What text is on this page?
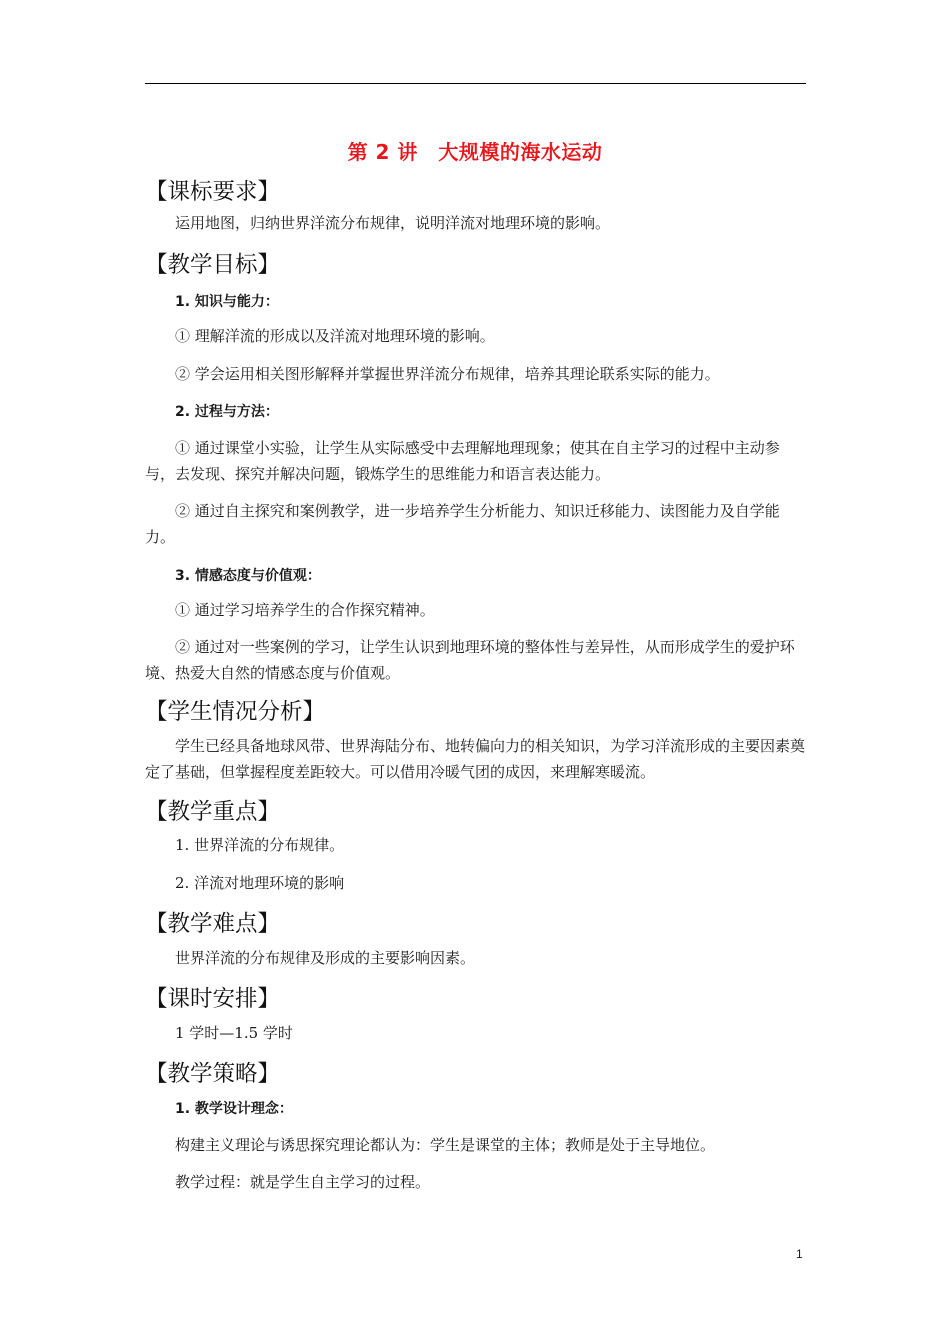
第 2 讲　大规模的海水运动
【课标要求】
运用地图，归纳世界洋流分布规律，说明洋流对地理环境的影响。
【教学目标】
1. 知识与能力：
① 理解洋流的形成以及洋流对地理环境的影响。
② 学会运用相关图形解释并掌握世界洋流分布规律，培养其理论联系实际的能力。
2. 过程与方法：
① 通过课堂小实验，让学生从实际感受中去理解地理现象；使其在自主学习的过程中主动参与，去发现、探究并解决问题，锻炼学生的思维能力和语言表达能力。
② 通过自主探究和案例教学，进一步培养学生分析能力、知识迁移能力、读图能力及自学能力。
3. 情感态度与价值观：
① 通过学习培养学生的合作探究精神。
② 通过对一些案例的学习，让学生认识到地理环境的整体性与差异性，从而形成学生的爱护环境、热爱大自然的情感态度与价值观。
【学生情况分析】
学生已经具备地球风带、世界海陆分布、地转偏向力的相关知识，为学习洋流形成的主要因素奠定了基础，但掌握程度差距较大。可以借用冷暖气团的成因，来理解寒暖流。
【教学重点】
1. 世界洋流的分布规律。
2. 洋流对地理环境的影响
【教学难点】
世界洋流的分布规律及形成的主要影响因素。
【课时安排】
1 学时—1.5 学时
【教学策略】
1. 教学设计理念：
构建主义理论与诱思探究理论都认为：学生是课堂的主体；教师是处于主导地位。
教学过程：就是学生自主学习的过程。
1
